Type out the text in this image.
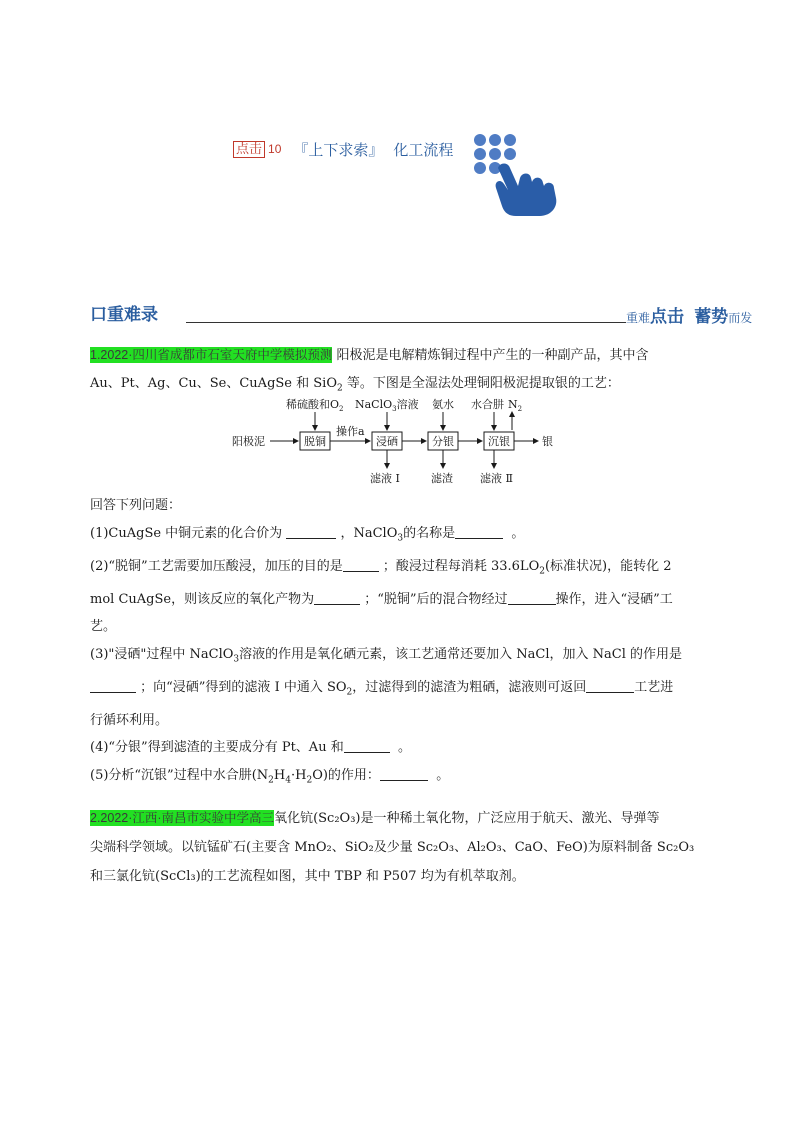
点击 10 『上下求索』 化工流程
口重难录	重难点击 蓄势而发
1.2022·四川省成都市石室天府中学模拟预测 阳极泥是电解精炼铜过程中产生的一种副产品，其中含
Au、Pt、Ag、Cu、Se、CuAgSe 和 SiO$_2$ 等。下图是全湿法处理铜阳极泥提取银的工艺：
阳极泥	脱铜	浸硒	分银	沉银	银
操作a
稀硫酸和$O_2$ NaClO$_3$溶液 氨水 水合肼 $N_2$
滤液 Ⅰ	滤渣 滤液 Ⅱ
回答下列问题：
(1)CuAgSe 中铜元素的化合价为	，NaClO$_3$的名称是	。
(2)“脱铜”工艺需要加压酸浸，加压的目的是	；酸浸过程每消耗 $33.6LO_2$(标准状况)，能转化 2
mol CuAgSe，则该反应的氧化产物为	；“脱铜”后的混合物经过	操作，进入“浸硒”工
艺。
(3)"浸硒"过程中 NaClO$_3$溶液的作用是氧化硒元素，该工艺通常还要加入 NaCl，加入 NaCl 的作用是
；向“浸硒”得到的滤液 I 中通入 $SO_2$，过滤得到的滤渣为粗硒，滤液则可返回	工艺进
行循环利用。
(4)“分银”得到滤渣的主要成分有 Pt、Au 和	。
(5)分析“沉银”过程中水合肼$(N_2H_4\cdot H_2O)$的作用：	。
2.2022·江西·南昌市实验中学高三氧化钪(Sc₂O₃)是一种稀土氧化物，广泛应用于航天、激光、导弹等
尖端科学领域。以钪锰矿石(主要含 MnO₂、SiO₂及少量 Sc₂O₃、Al₂O₃、CaO、FeO)为原料制备 Sc₂O₃
和三氯化钪(ScCl₃)的工艺流程如图，其中 TBP 和 P507 均为有机萃取剂。
